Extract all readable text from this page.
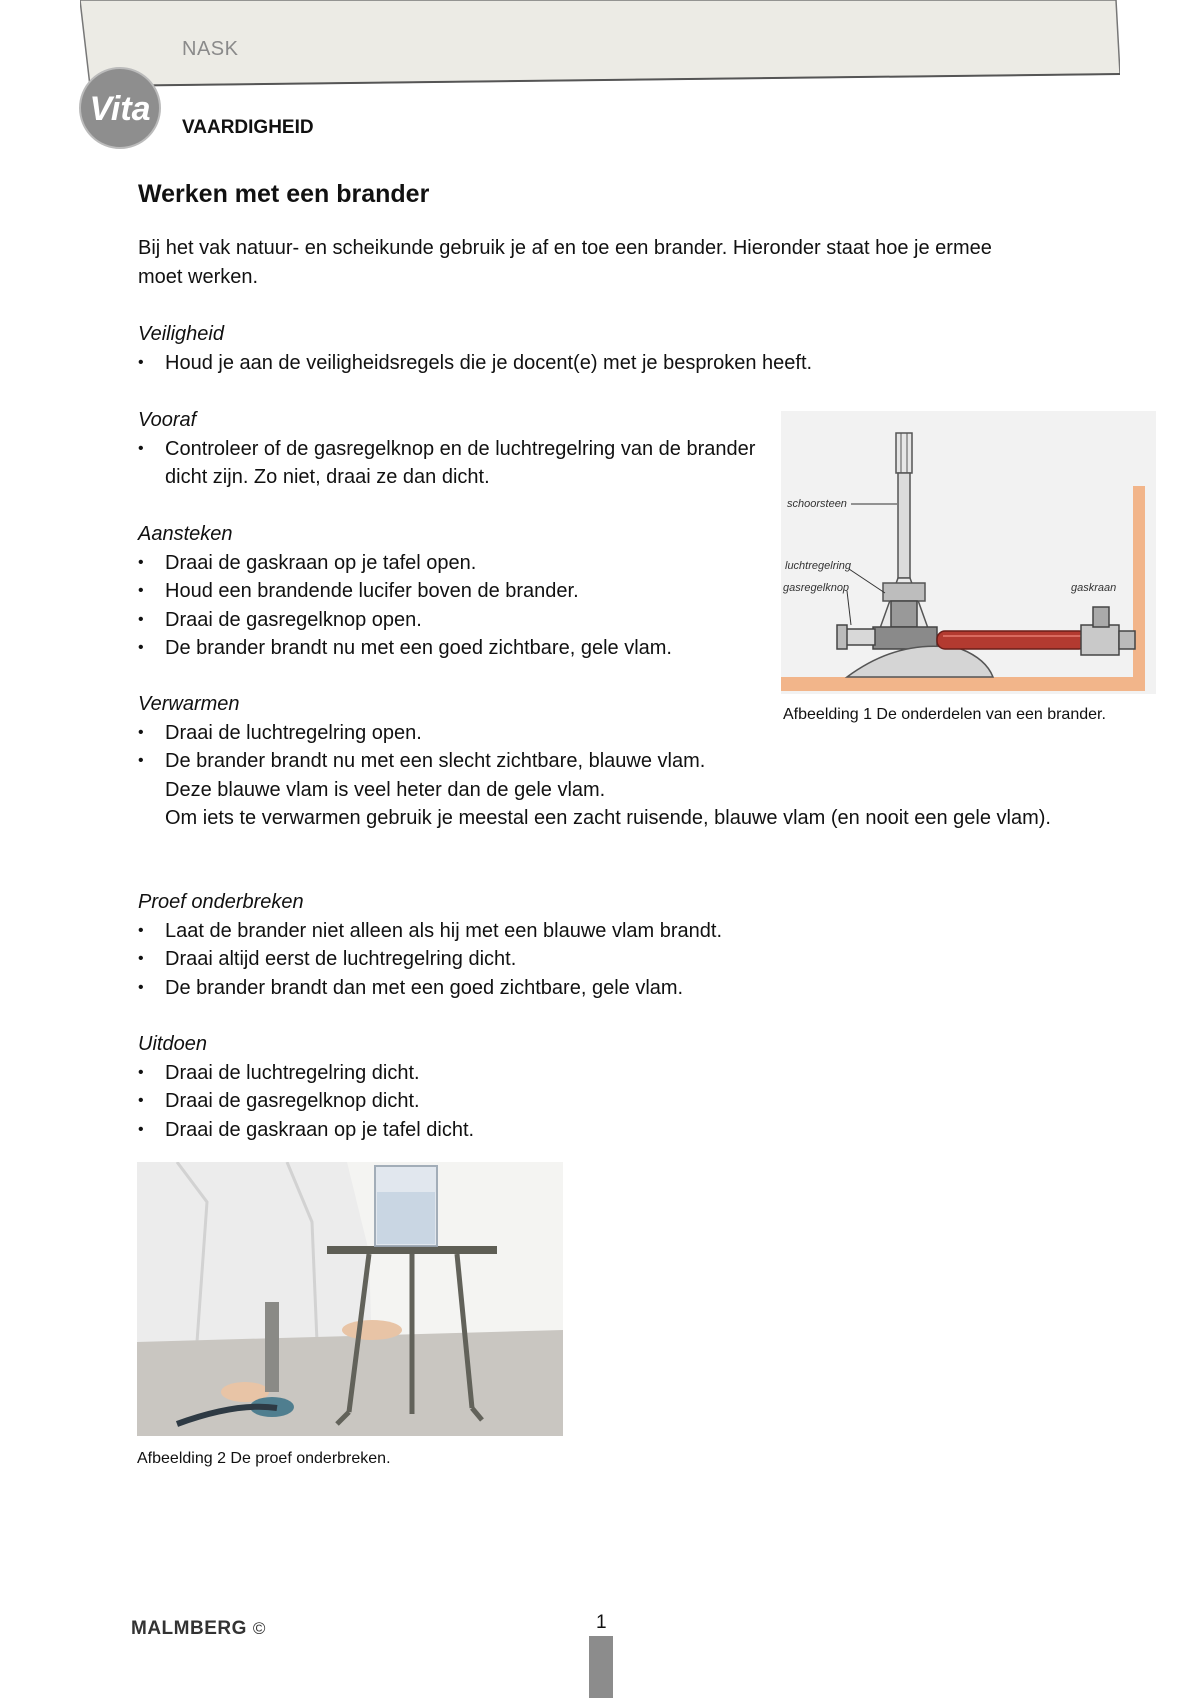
NASK
Vita VAARDIGHEID
Werken met een brander
Bij het vak natuur- en scheikunde gebruik je af en toe een brander. Hieronder staat hoe je ermee moet werken.
Veiligheid
• Houd je aan de veiligheidsregels die je docent(e) met je besproken heeft.
Vooraf
• Controleer of de gasregelknop en de luchtregelring van de brander dicht zijn. Zo niet, draai ze dan dicht.
Aansteken
• Draai de gaskraan op je tafel open.
• Houd een brandende lucifer boven de brander.
• Draai de gasregelknop open.
• De brander brandt nu met een goed zichtbare, gele vlam.
Verwarmen
• Draai de luchtregelring open.
• De brander brandt nu met een slecht zichtbare, blauwe vlam.
Deze blauwe vlam is veel heter dan de gele vlam.
Om iets te verwarmen gebruik je meestal een zacht ruisende, blauwe vlam (en nooit een gele vlam).
Proef onderbreken
• Laat de brander niet alleen als hij met een blauwe vlam brandt.
• Draai altijd eerst de luchtregelring dicht.
• De brander brandt dan met een goed zichtbare, gele vlam.
Uitdoen
• Draai de luchtregelring dicht.
• Draai de gasregelknop dicht.
• Draai de gaskraan op je tafel dicht.
schoorsteen
luchtregelring
gasregelknop	gaskraan
Afbeelding 1 De onderdelen van een brander.
Afbeelding 2 De proef onderbreken.
MALMBERG ©	1
